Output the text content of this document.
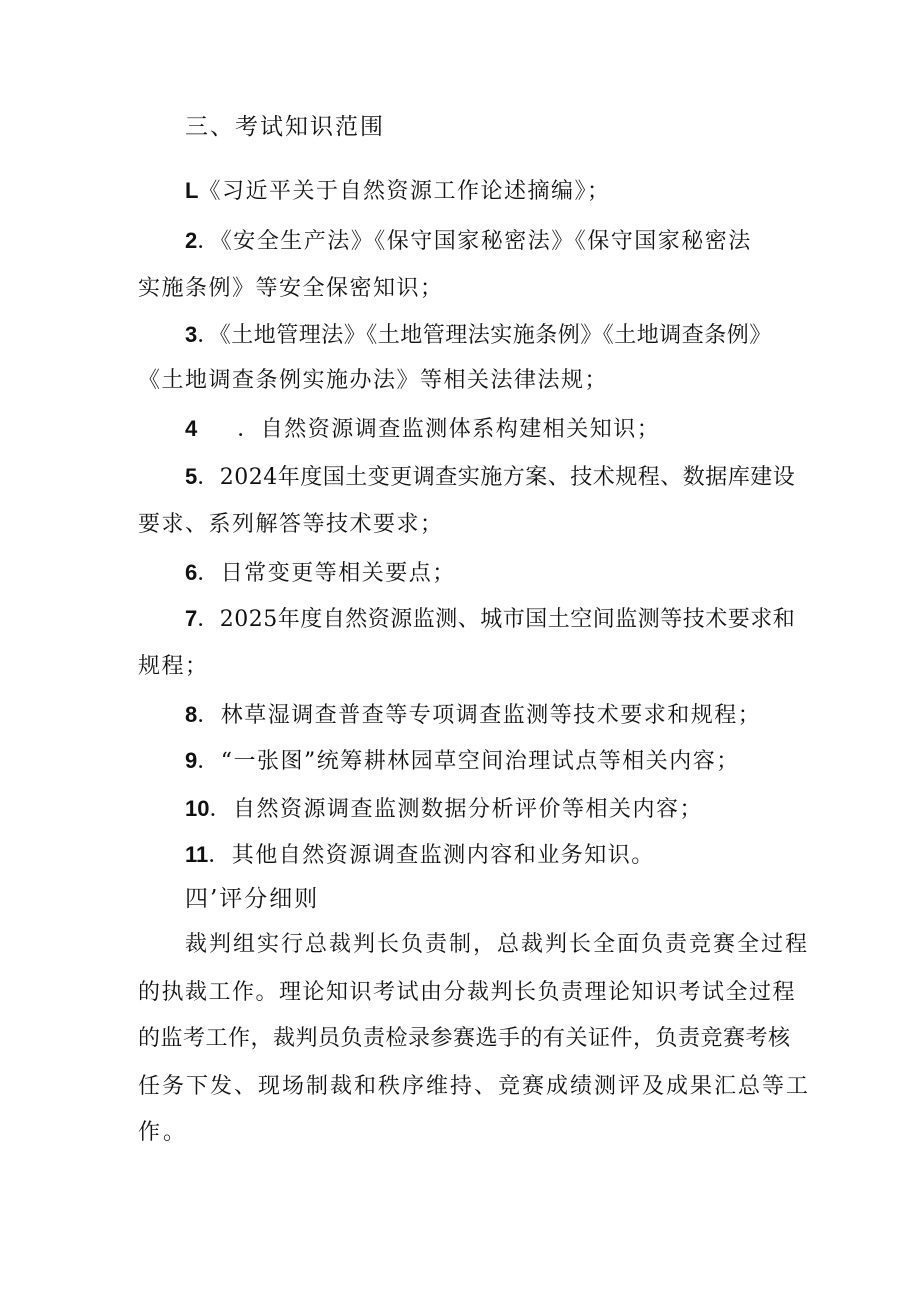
三、考试知识范围
L《习近平关于自然资源工作论述摘编》；
2．《安全生产法》《保守国家秘密法》《保守国家秘密法
实施条例》等安全保密知识；
3．《土地管理法》《土地管理法实施条例》《土地调查条例》
《土地调查条例实施办法》等相关法律法规；
4 ．自然资源调查监测体系构建相关知识；
5．2024年度国土变更调查实施方案、技术规程、数据库建设
要求、系列解答等技术要求；
6．日常变更等相关要点；
7．2025年度自然资源监测、城市国土空间监测等技术要求和
规程；
8．林草湿调查普查等专项调查监测等技术要求和规程；
9．“一张图”统筹耕林园草空间治理试点等相关内容；
10．自然资源调查监测数据分析评价等相关内容；
11．其他自然资源调查监测内容和业务知识。
四’评分细则
裁判组实行总裁判长负责制，总裁判长全面负责竞赛全过程
的执裁工作。理论知识考试由分裁判长负责理论知识考试全过程
的监考工作，裁判员负责检录参赛选手的有关证件，负责竞赛考核
任务下发、现场制裁和秩序维持、竞赛成绩测评及成果汇总等工
作。
